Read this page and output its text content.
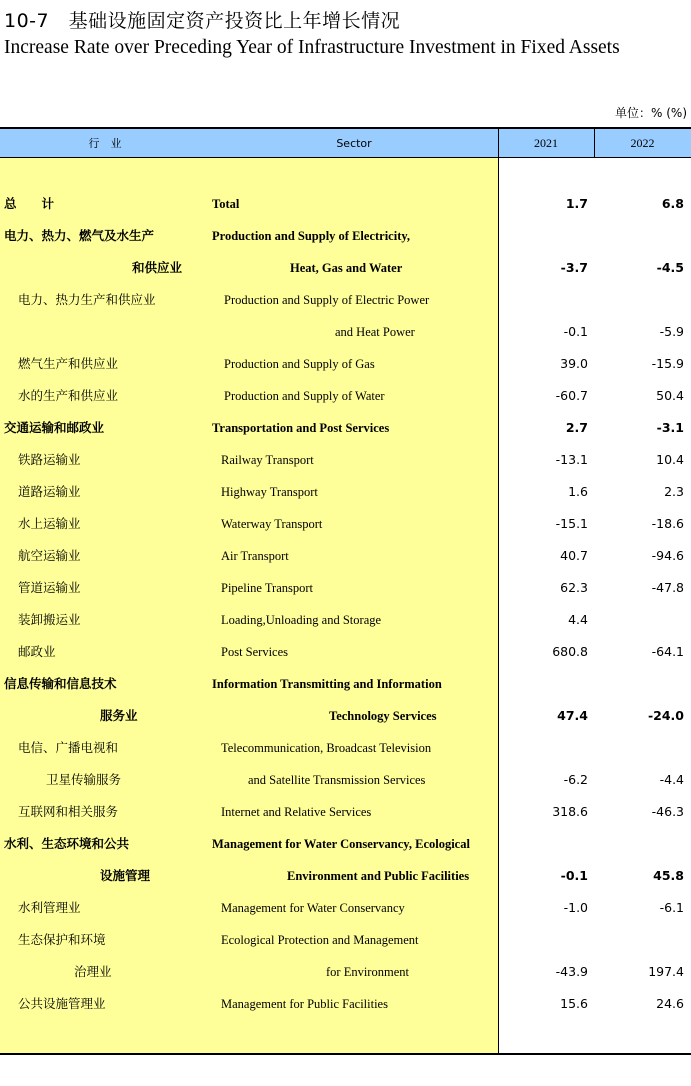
10-7　基础设施固定资产投资比上年增长情况
Increase Rate over Preceding Year of Infrastructure Investment in Fixed Assets
单位：% (%)
行　业	Sector	2021	2022
总　　计	Total	1.7	6.8
电力、热力、燃气及水生产	Production and Supply of Electricity,
和供应业	Heat, Gas and Water	-3.7	-4.5
电力、热力生产和供应业	Production and Supply of Electric Power
and Heat Power	-0.1	-5.9
燃气生产和供应业	Production and Supply of Gas	39.0	-15.9
水的生产和供应业	Production and Supply of Water	-60.7	50.4
交通运输和邮政业	Transportation and Post Services	2.7	-3.1
铁路运输业	Railway Transport	-13.1	10.4
道路运输业	Highway Transport	1.6	2.3
水上运输业	Waterway Transport	-15.1	-18.6
航空运输业	Air Transport	40.7	-94.6
管道运输业	Pipeline Transport	62.3	-47.8
装卸搬运业	Loading,Unloading and Storage	4.4
邮政业	Post Services	680.8	-64.1
信息传输和信息技术	Information Transmitting and Information
服务业	Technology Services	47.4	-24.0
电信、广播电视和	Telecommunication, Broadcast Television
卫星传输服务	and Satellite Transmission Services	-6.2	-4.4
互联网和相关服务	Internet and Relative Services	318.6	-46.3
水利、生态环境和公共	Management for Water Conservancy, Ecological
设施管理	Environment and Public Facilities	-0.1	45.8
水利管理业	Management for Water Conservancy	-1.0	-6.1
生态保护和环境	Ecological Protection and Management
治理业	for Environment	-43.9	197.4
公共设施管理业	Management for Public Facilities	15.6	24.6
